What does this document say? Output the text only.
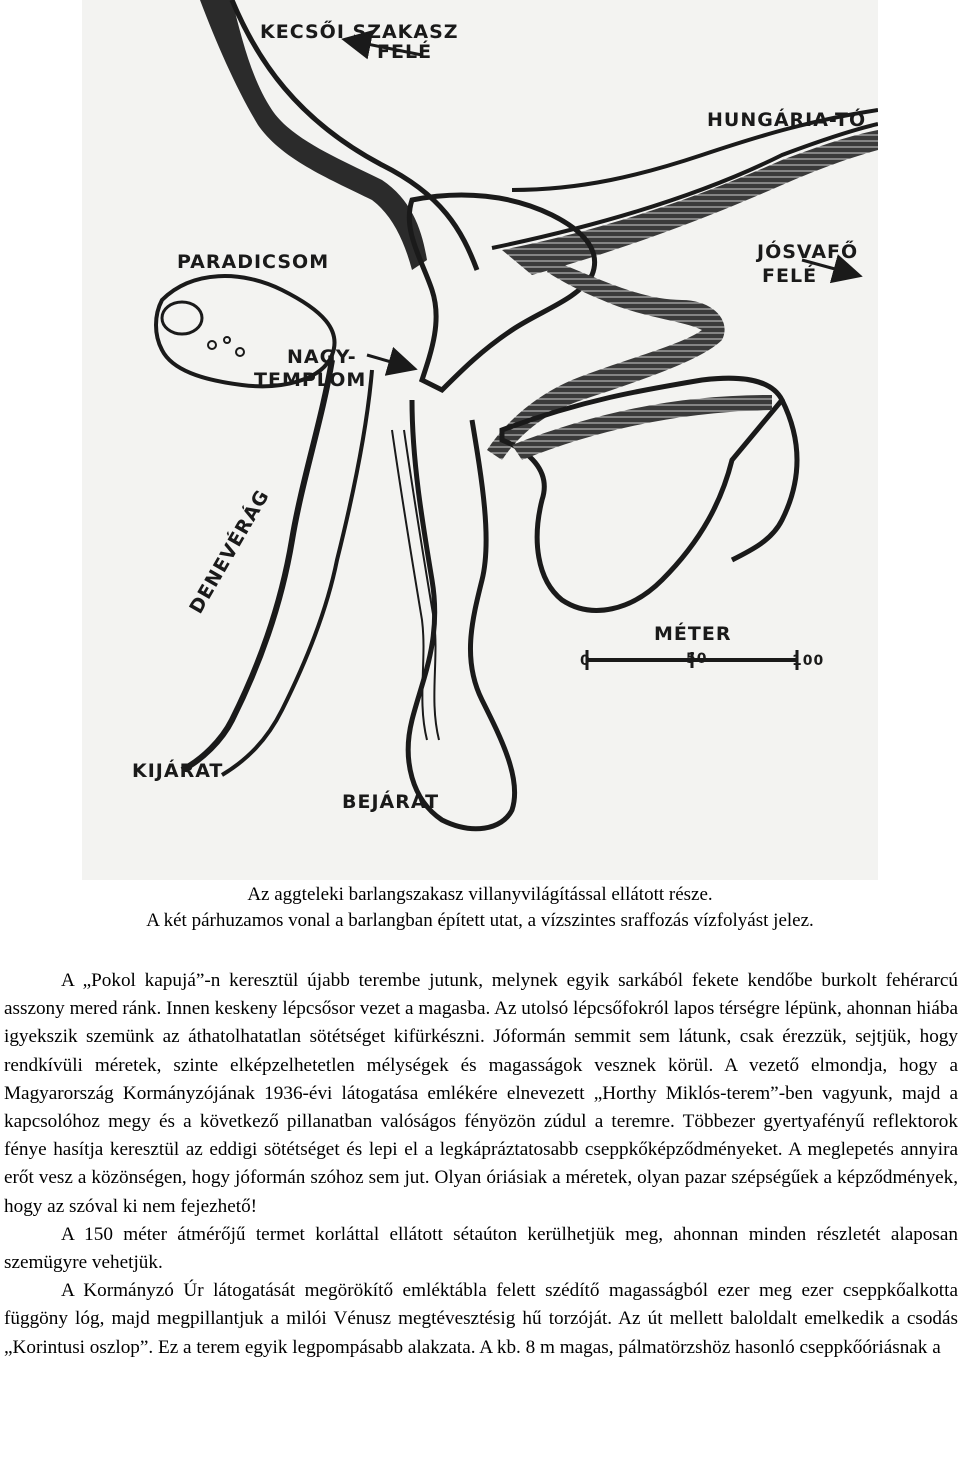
KECSŐI SZAKASZ
FELÉ
HUNGÁRIA-TÓ
PARADICSOM	JÓSVAFŐ
FELÉ
NAGY-
TEMPLOM
DENEVÉRÁG
MÉTER
0	50	100
KIJÁRAT
BEJÁRAT
Az aggteleki barlangszakasz villanyvilágítással ellátott része.
A két párhuzamos vonal a barlangban épített utat, a vízszintes sraffozás vízfolyást jelez.

A „Pokol kapujá”-n keresztül újabb terembe jutunk, melynek egyik sarkából fekete kendőbe burkolt fehérarcú asszony mered ránk. Innen keskeny lépcsősor vezet a magasba. Az utolsó lépcsőfokról lapos térségre lépünk, ahonnan hiába igyekszik szemünk az áthatolhatatlan sötétséget kifürkészni. Jóformán semmit sem látunk, csak érezzük, sejtjük, hogy rendkívüli méretek, szinte elképzelhetetlen mélységek és magasságok vesznek körül. A vezető elmondja, hogy a Magyarország Kormányzójának 1936-évi látogatása emlékére elnevezett „Horthy Miklós-terem”-ben vagyunk, majd a kapcsolóhoz megy és a következő pillanatban valóságos fényözön zúdul a teremre. Többezer gyertyafényű reflektorok fénye hasítja keresztül az eddigi sötétséget és lepi el a legkápráztatosabb cseppkőképződményeket. A meglepetés annyira erőt vesz a közönségen, hogy jóformán szóhoz sem jut. Olyan óriásiak a méretek, olyan pazar szépségűek a képződmények, hogy az szóval ki nem fejezhető!

A 150 méter átmérőjű termet korláttal ellátott sétaúton kerülhetjük meg, ahonnan minden részletét alaposan szemügyre vehetjük.

A Kormányzó Úr látogatását megörökítő emléktábla felett szédítő magasságból ezer meg ezer cseppkőalkotta függöny lóg, majd megpillantjuk a milói Vénusz megtévesztésig hű torzóját. Az út mellett baloldalt emelkedik a csodás „Korintusi oszlop”. Ez a terem egyik legpompásabb alakzata. A kb. 8 m magas, pálmatörzshöz hasonló cseppkőóriásnak a
